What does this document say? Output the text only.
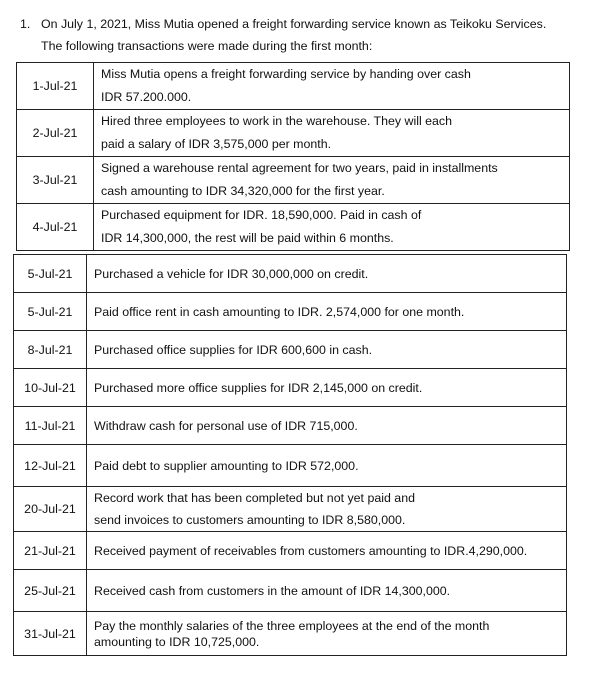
1. On July 1, 2021, Miss Mutia opened a freight forwarding service known as Teikoku Services.
The following transactions were made during the first month:
1-Jul-21	Miss Mutia opens a freight forwarding service by handing over cash
IDR 57.200.000.

2-Jul-21	Hired three employees to work in the warehouse. They will each
paid a salary of IDR 3,575,000 per month.

3-Jul-21	Signed a warehouse rental agreement for two years, paid in installments
cash amounting to IDR 34,320,000 for the first year.

4-Jul-21	Purchased equipment for IDR. 18,590,000. Paid in cash of
IDR 14,300,000, the rest will be paid within 6 months.
5-Jul-21	Purchased a vehicle for IDR 30,000,000 on credit.

5-Jul-21	Paid office rent in cash amounting to IDR. 2,574,000 for one month.

8-Jul-21	Purchased office supplies for IDR 600,600 in cash.

10-Jul-21	Purchased more office supplies for IDR 2,145,000 on credit.

11-Jul-21	Withdraw cash for personal use of IDR 715,000.

12-Jul-21	Paid debt to supplier amounting to IDR 572,000.

20-Jul-21	Record work that has been completed but not yet paid and
send invoices to customers amounting to IDR 8,580,000.

21-Jul-21	Received payment of receivables from customers amounting to IDR.4,290,000.

25-Jul-21	Received cash from customers in the amount of IDR 14,300,000.

31-Jul-21	Pay the monthly salaries of the three employees at the end of the month
amounting to IDR 10,725,000.
